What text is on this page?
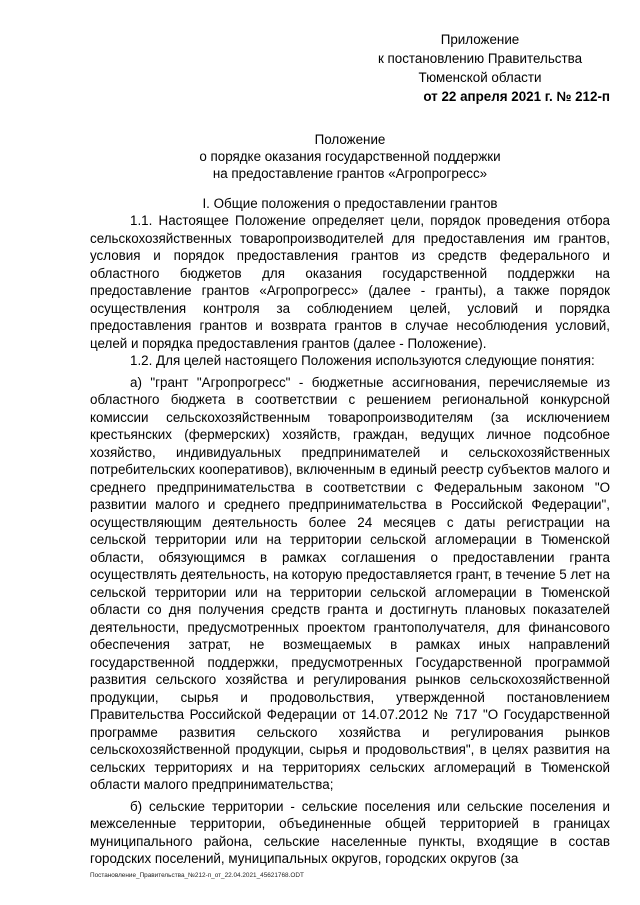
Приложение
к постановлению Правительства
Тюменской области
от 22 апреля 2021 г. № 212-п
Положение
о порядке оказания государственной поддержки
на предоставление грантов «Агропрогресс»
I. Общие положения о предоставлении грантов

1.1. Настоящее Положение определяет цели, порядок проведения отбора сельскохозяйственных товаропроизводителей для предоставления им грантов, условия и порядок предоставления грантов из средств федерального и областного бюджетов для оказания государственной поддержки на предоставление грантов «Агропрогресс» (далее - гранты), а также порядок осуществления контроля за соблюдением целей, условий и порядка предоставления грантов и возврата грантов в случае несоблюдения условий, целей и порядка предоставления грантов (далее - Положение).

1.2. Для целей настоящего Положения используются следующие понятия:

а) "грант "Агропрогресс" - бюджетные ассигнования, перечисляемые из областного бюджета в соответствии с решением региональной конкурсной комиссии сельскохозяйственным товаропроизводителям (за исключением крестьянских (фермерских) хозяйств, граждан, ведущих личное подсобное хозяйство, индивидуальных предпринимателей и сельскохозяйственных потребительских кооперативов), включенным в единый реестр субъектов малого и среднего предпринимательства в соответствии с Федеральным законом "О развитии малого и среднего предпринимательства в Российской Федерации", осуществляющим деятельность более 24 месяцев с даты регистрации на сельской территории или на территории сельской агломерации в Тюменской области, обязующимся в рамках соглашения о предоставлении гранта осуществлять деятельность, на которую предоставляется грант, в течение 5 лет на сельской территории или на территории сельской агломерации в Тюменской области со дня получения средств гранта и достигнуть плановых показателей деятельности, предусмотренных проектом грантополучателя, для финансового обеспечения затрат, не возмещаемых в рамках иных направлений государственной поддержки, предусмотренных Государственной программой развития сельского хозяйства и регулирования рынков сельскохозяйственной продукции, сырья и продовольствия, утвержденной постановлением Правительства Российской Федерации от 14.07.2012 № 717 "О Государственной программе развития сельского хозяйства и регулирования рынков сельскохозяйственной продукции, сырья и продовольствия", в целях развития на сельских территориях и на территориях сельских агломераций в Тюменской области малого предпринимательства;

б) сельские территории - сельские поселения или сельские поселения и межселенные территории, объединенные общей территорией в границах муниципального района, сельские населенные пункты, входящие в состав городских поселений, муниципальных округов, городских округов (за

Постановление_Правительства_№212-п_от_22.04.2021_45621768.ODT
